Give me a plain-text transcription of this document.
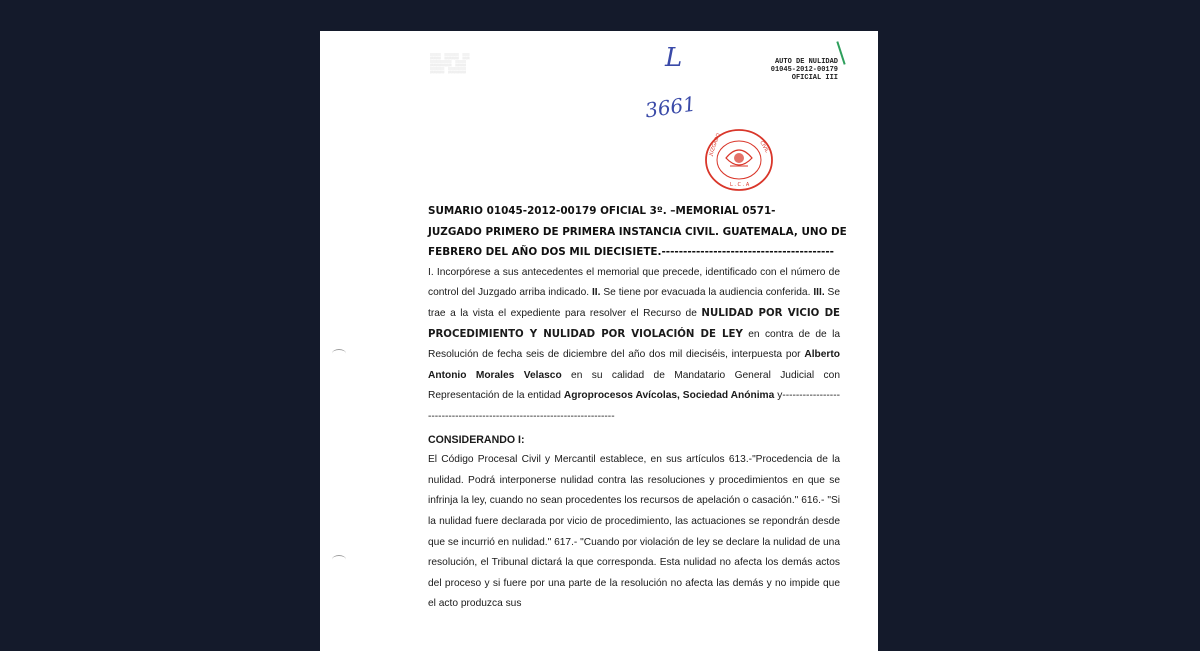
▒▒▒ ▒▒▒▒ ▒▒
▒▒▒▒▒▒ ▒▒▒
▒▒▒▒ ▒▒▒▒▒	L
3661
AUTO DE NULIDAD
01045-2012-00179
OFICIAL III
JUZGADO	CIVIL
L . C . A
SUMARIO 01045-2012-00179 OFICIAL 3º. –MEMORIAL 0571-
JUZGADO PRIMERO DE PRIMERA INSTANCIA CIVIL. GUATEMALA, UNO DE
FEBRERO DEL AÑO DOS MIL DIECISIETE.----------------------------------------

I. Incorpórese a sus antecedentes el memorial que precede, identificado con el número de control del Juzgado arriba indicado. II. Se tiene por evacuada la audiencia conferida. III. Se trae a la vista el expediente para resolver el Recurso de NULIDAD POR VICIO DE PROCEDIMIENTO Y NULIDAD POR VIOLACIÓN DE LEY en contra de de la Resolución de fecha seis de diciembre del año dos mil dieciséis, interpuesta por Alberto Antonio Morales Velasco en su calidad de Mandatario General Judicial con Representación de la entidad Agroprocesos Avícolas, Sociedad Anónima y------------------------------------------------------------------------

CONSIDERANDO I:

El Código Procesal Civil y Mercantil establece, en sus artículos 613.-"Procedencia de la nulidad. Podrá interponerse nulidad contra las resoluciones y procedimientos en que se infrinja la ley, cuando no sean procedentes los recursos de apelación o casación." 616.- "Si la nulidad fuere declarada por vicio de procedimiento, las actuaciones se repondrán desde que se incurrió en nulidad." 617.- "Cuando por violación de ley se declare la nulidad de una resolución, el Tribunal dictará la que corresponda. Esta nulidad no afecta los demás actos del proceso y si fuere por una parte de la resolución no afecta las demás y no impide que el acto produzca sus
